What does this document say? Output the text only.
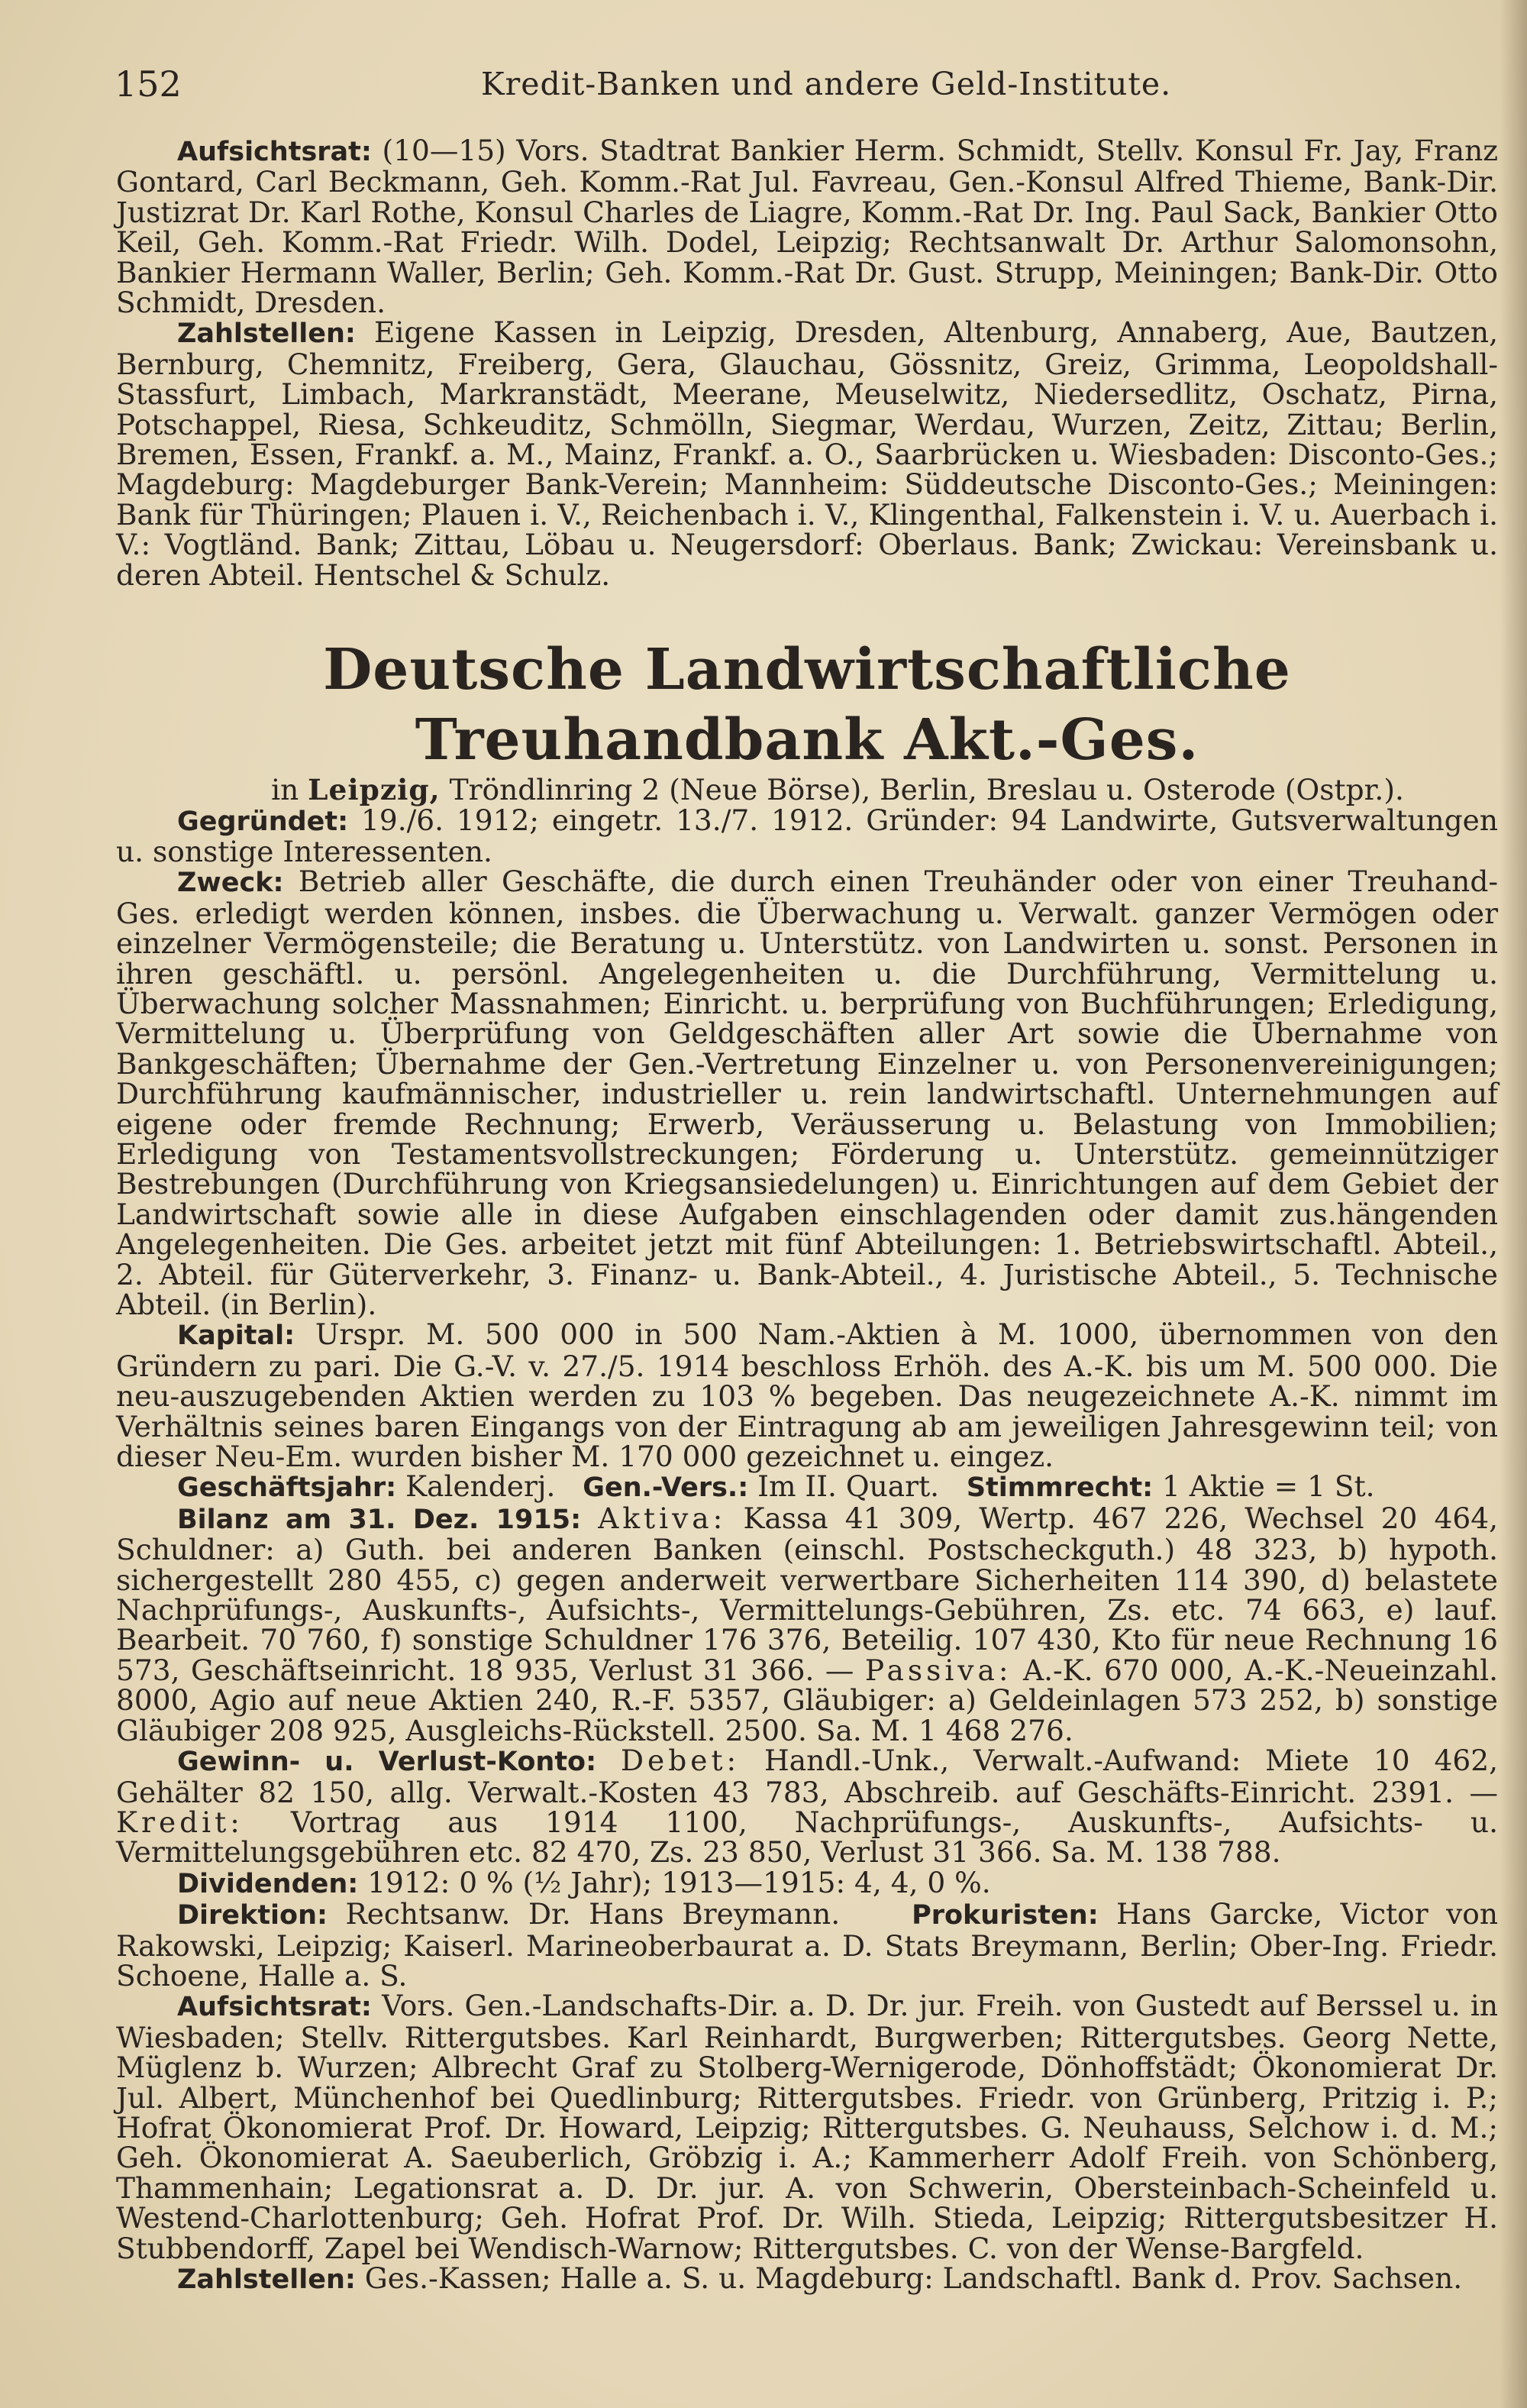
152	Kredit-Banken und andere Geld-Institute.

Aufsichtsrat: (10—15) Vors. Stadtrat Bankier Herm. Schmidt, Stellv. Konsul Fr. Jay, Franz Gontard, Carl Beckmann, Geh. Komm.-Rat Jul. Favreau, Gen.-Konsul Alfred Thieme, Bank-Dir. Justizrat Dr. Karl Rothe, Konsul Charles de Liagre, Komm.-Rat Dr. Ing. Paul Sack, Bankier Otto Keil, Geh. Komm.-Rat Friedr. Wilh. Dodel, Leipzig; Rechtsanwalt Dr. Arthur Salomonsohn, Bankier Hermann Waller, Berlin; Geh. Komm.-Rat Dr. Gust. Strupp, Meiningen; Bank-Dir. Otto Schmidt, Dresden.

Zahlstellen: Eigene Kassen in Leipzig, Dresden, Altenburg, Annaberg, Aue, Bautzen, Bernburg, Chemnitz, Freiberg, Gera, Glauchau, Gössnitz, Greiz, Grimma, Leopoldshall-Stassfurt, Limbach, Markranstädt, Meerane, Meuselwitz, Niedersedlitz, Oschatz, Pirna, Potschappel, Riesa, Schkeuditz, Schmölln, Siegmar, Werdau, Wurzen, Zeitz, Zittau; Berlin, Bremen, Essen, Frankf. a. M., Mainz, Frankf. a. O., Saarbrücken u. Wiesbaden: Disconto-Ges.; Magdeburg: Magdeburger Bank-Verein; Mannheim: Süddeutsche Disconto-Ges.; Meiningen: Bank für Thüringen; Plauen i. V., Reichenbach i. V., Klingenthal, Falkenstein i. V. u. Auerbach i. V.: Vogtländ. Bank; Zittau, Löbau u. Neugersdorf: Oberlaus. Bank; Zwickau: Vereinsbank u. deren Abteil. Hentschel & Schulz.

Deutsche Landwirtschaftliche Treuhandbank Akt.-Ges.

in Leipzig, Tröndlinring 2 (Neue Börse), Berlin, Breslau u. Osterode (Ostpr.).

Gegründet: 19./6. 1912; eingetr. 13./7. 1912. Gründer: 94 Landwirte, Gutsverwaltungen u. sonstige Interessenten.

Zweck: Betrieb aller Geschäfte, die durch einen Treuhänder oder von einer Treuhand-Ges. erledigt werden können, insbes. die Überwachung u. Verwalt. ganzer Vermögen oder einzelner Vermögensteile; die Beratung u. Unterstütz. von Landwirten u. sonst. Personen in ihren geschäftl. u. persönl. Angelegenheiten u. die Durchführung, Vermittelung u. Überwachung solcher Massnahmen; Einricht. u. berprüfung von Buchführungen; Erledigung, Vermittelung u. Überprüfung von Geldgeschäften aller Art sowie die Übernahme von Bankgeschäften; Übernahme der Gen.-Vertretung Einzelner u. von Personenvereinigungen; Durchführung kaufmännischer, industrieller u. rein landwirtschaftl. Unternehmungen auf eigene oder fremde Rechnung; Erwerb, Veräusserung u. Belastung von Immobilien; Erledigung von Testamentsvollstreckungen; Förderung u. Unterstütz. gemeinnütziger Bestrebungen (Durchführung von Kriegsansiedelungen) u. Einrichtungen auf dem Gebiet der Landwirtschaft sowie alle in diese Aufgaben einschlagenden oder damit zus.hängenden Angelegenheiten. Die Ges. arbeitet jetzt mit fünf Abteilungen: 1. Betriebswirtschaftl. Abteil., 2. Abteil. für Güterverkehr, 3. Finanz- u. Bank-Abteil., 4. Juristische Abteil., 5. Technische Abteil. (in Berlin).

Kapital: Urspr. M. 500 000 in 500 Nam.-Aktien à M. 1000, übernommen von den Gründern zu pari. Die G.-V. v. 27./5. 1914 beschloss Erhöh. des A.-K. bis um M. 500 000. Die neu-auszugebenden Aktien werden zu 103 % begeben. Das neugezeichnete A.-K. nimmt im Verhältnis seines baren Eingangs von der Eintragung ab am jeweiligen Jahresgewinn teil; von dieser Neu-Em. wurden bisher M. 170 000 gezeichnet u. eingez.

Geschäftsjahr: Kalenderj. Gen.-Vers.: Im II. Quart. Stimmrecht: 1 Aktie = 1 St.

Bilanz am 31. Dez. 1915: Aktiva: Kassa 41 309, Wertp. 467 226, Wechsel 20 464, Schuldner: a) Guth. bei anderen Banken (einschl. Postscheckguth.) 48 323, b) hypoth. sichergestellt 280 455, c) gegen anderweit verwertbare Sicherheiten 114 390, d) belastete Nachprüfungs-, Auskunfts-, Aufsichts-, Vermittelungs-Gebühren, Zs. etc. 74 663, e) lauf. Bearbeit. 70 760, f) sonstige Schuldner 176 376, Beteilig. 107 430, Kto für neue Rechnung 16 573, Geschäftseinricht. 18 935, Verlust 31 366. — Passiva: A.-K. 670 000, A.-K.-Neueinzahl. 8000, Agio auf neue Aktien 240, R.-F. 5357, Gläubiger: a) Geldeinlagen 573 252, b) sonstige Gläubiger 208 925, Ausgleichs-Rückstell. 2500. Sa. M. 1 468 276.

Gewinn- u. Verlust-Konto: Debet: Handl.-Unk., Verwalt.-Aufwand: Miete 10 462, Gehälter 82 150, allg. Verwalt.-Kosten 43 783, Abschreib. auf Geschäfts-Einricht. 2391. — Kredit: Vortrag aus 1914 1100, Nachprüfungs-, Auskunfts-, Aufsichts- u. Vermittelungsgebühren etc. 82 470, Zs. 23 850, Verlust 31 366. Sa. M. 138 788.

Dividenden: 1912: 0 % (½ Jahr); 1913—1915: 4, 4, 0 %.

Direktion: Rechtsanw. Dr. Hans Breymann.	Prokuristen: Hans Garcke, Victor von Rakowski, Leipzig; Kaiserl. Marineoberbaurat a. D. Stats Breymann, Berlin; Ober-Ing. Friedr. Schoene, Halle a. S.

Aufsichtsrat: Vors. Gen.-Landschafts-Dir. a. D. Dr. jur. Freih. von Gustedt auf Berssel u. in Wiesbaden; Stellv. Rittergutsbes. Karl Reinhardt, Burgwerben; Rittergutsbes. Georg Nette, Müglenz b. Wurzen; Albrecht Graf zu Stolberg-Wernigerode, Dönhoffstädt; Ökonomierat Dr. Jul. Albert, Münchenhof bei Quedlinburg; Rittergutsbes. Friedr. von Grünberg, Pritzig i. P.; Hofrat Ökonomierat Prof. Dr. Howard, Leipzig; Rittergutsbes. G. Neuhauss, Selchow i. d. M.; Geh. Ökonomierat A. Saeuberlich, Gröbzig i. A.; Kammerherr Adolf Freih. von Schönberg, Thammenhain; Legationsrat a. D. Dr. jur. A. von Schwerin, Obersteinbach-Scheinfeld u. Westend-Charlottenburg; Geh. Hofrat Prof. Dr. Wilh. Stieda, Leipzig; Rittergutsbesitzer H. Stubbendorff, Zapel bei Wendisch-Warnow; Rittergutsbes. C. von der Wense-Bargfeld.

Zahlstellen: Ges.-Kassen; Halle a. S. u. Magdeburg: Landschaftl. Bank d. Prov. Sachsen.
